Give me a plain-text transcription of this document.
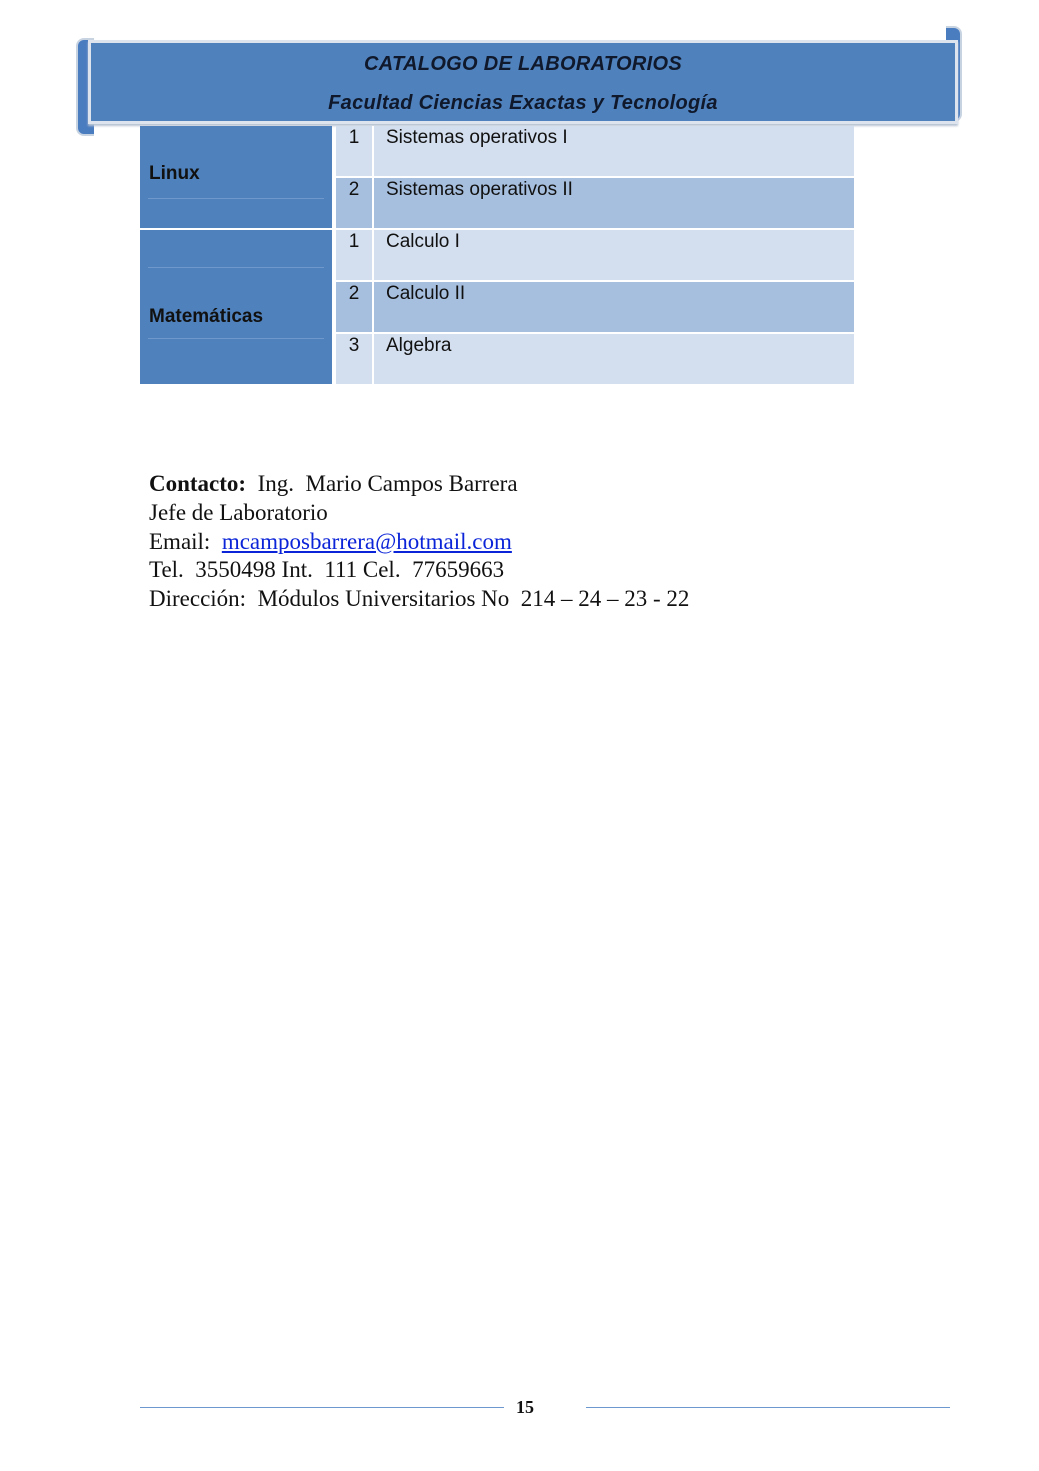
CATALOGO DE LABORATORIOS
Facultad Ciencias Exactas y Tecnología
Linux
1	Sistemas operativos I
2	Sistemas operativos II
Matemáticas
1	Calculo I
2	Calculo II
3	Algebra
Contacto:  Ing.  Mario Campos Barrera
Jefe de Laboratorio
Email:  mcamposbarrera@hotmail.com
Tel.  3550498 Int.  111 Cel.  77659663
Dirección:  Módulos Universitarios No  214 – 24 – 23 - 22
15
